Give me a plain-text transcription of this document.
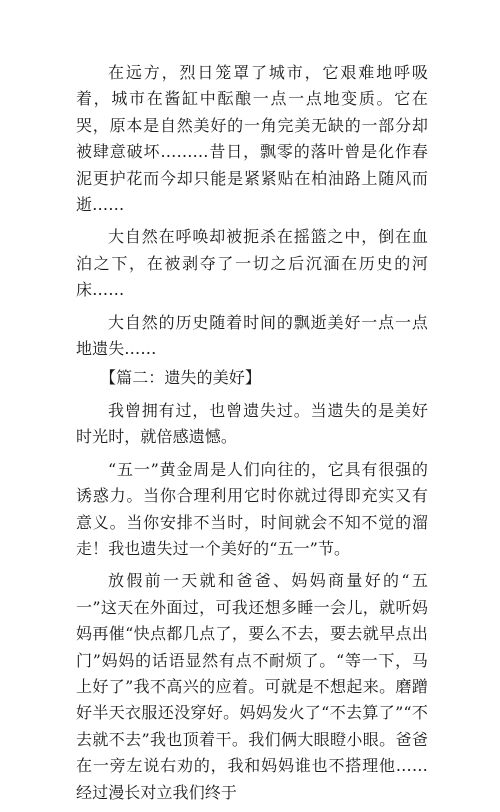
在远方，烈日笼罩了城市，它艰难地呼吸着，城市在酱缸中酝酿一点一点地变质。它在哭，原本是自然美好的一角完美无缺的一部分却被肆意破坏………昔日，飘零的落叶曾是化作春泥更护花而今却只能是紧紧贴在柏油路上随风而逝……

大自然在呼唤却被扼杀在摇篮之中，倒在血泊之下，在被剥夺了一切之后沉湎在历史的河床……

大自然的历史随着时间的飘逝美好一点一点地遗失……

【篇二：遗失的美好】

我曾拥有过，也曾遗失过。当遗失的是美好时光时，就倍感遗憾。

“五一”黄金周是人们向往的，它具有很强的诱惑力。当你合理利用它时你就过得即充实又有意义。当你安排不当时，时间就会不知不觉的溜走！我也遗失过一个美好的“五一”节。

放假前一天就和爸爸、妈妈商量好的“五一”这天在外面过，可我还想多睡一会儿，就听妈妈再催“快点都几点了，要么不去，要去就早点出门”妈妈的话语显然有点不耐烦了。“等一下，马上好了”我不高兴的应着。可就是不想起来。磨蹭好半天衣服还没穿好。妈妈发火了“不去算了”“不去就不去”我也顶着干。我们俩大眼瞪小眼。爸爸在一旁左说右劝的，我和妈妈谁也不搭理他……经过漫长对立我们终于
